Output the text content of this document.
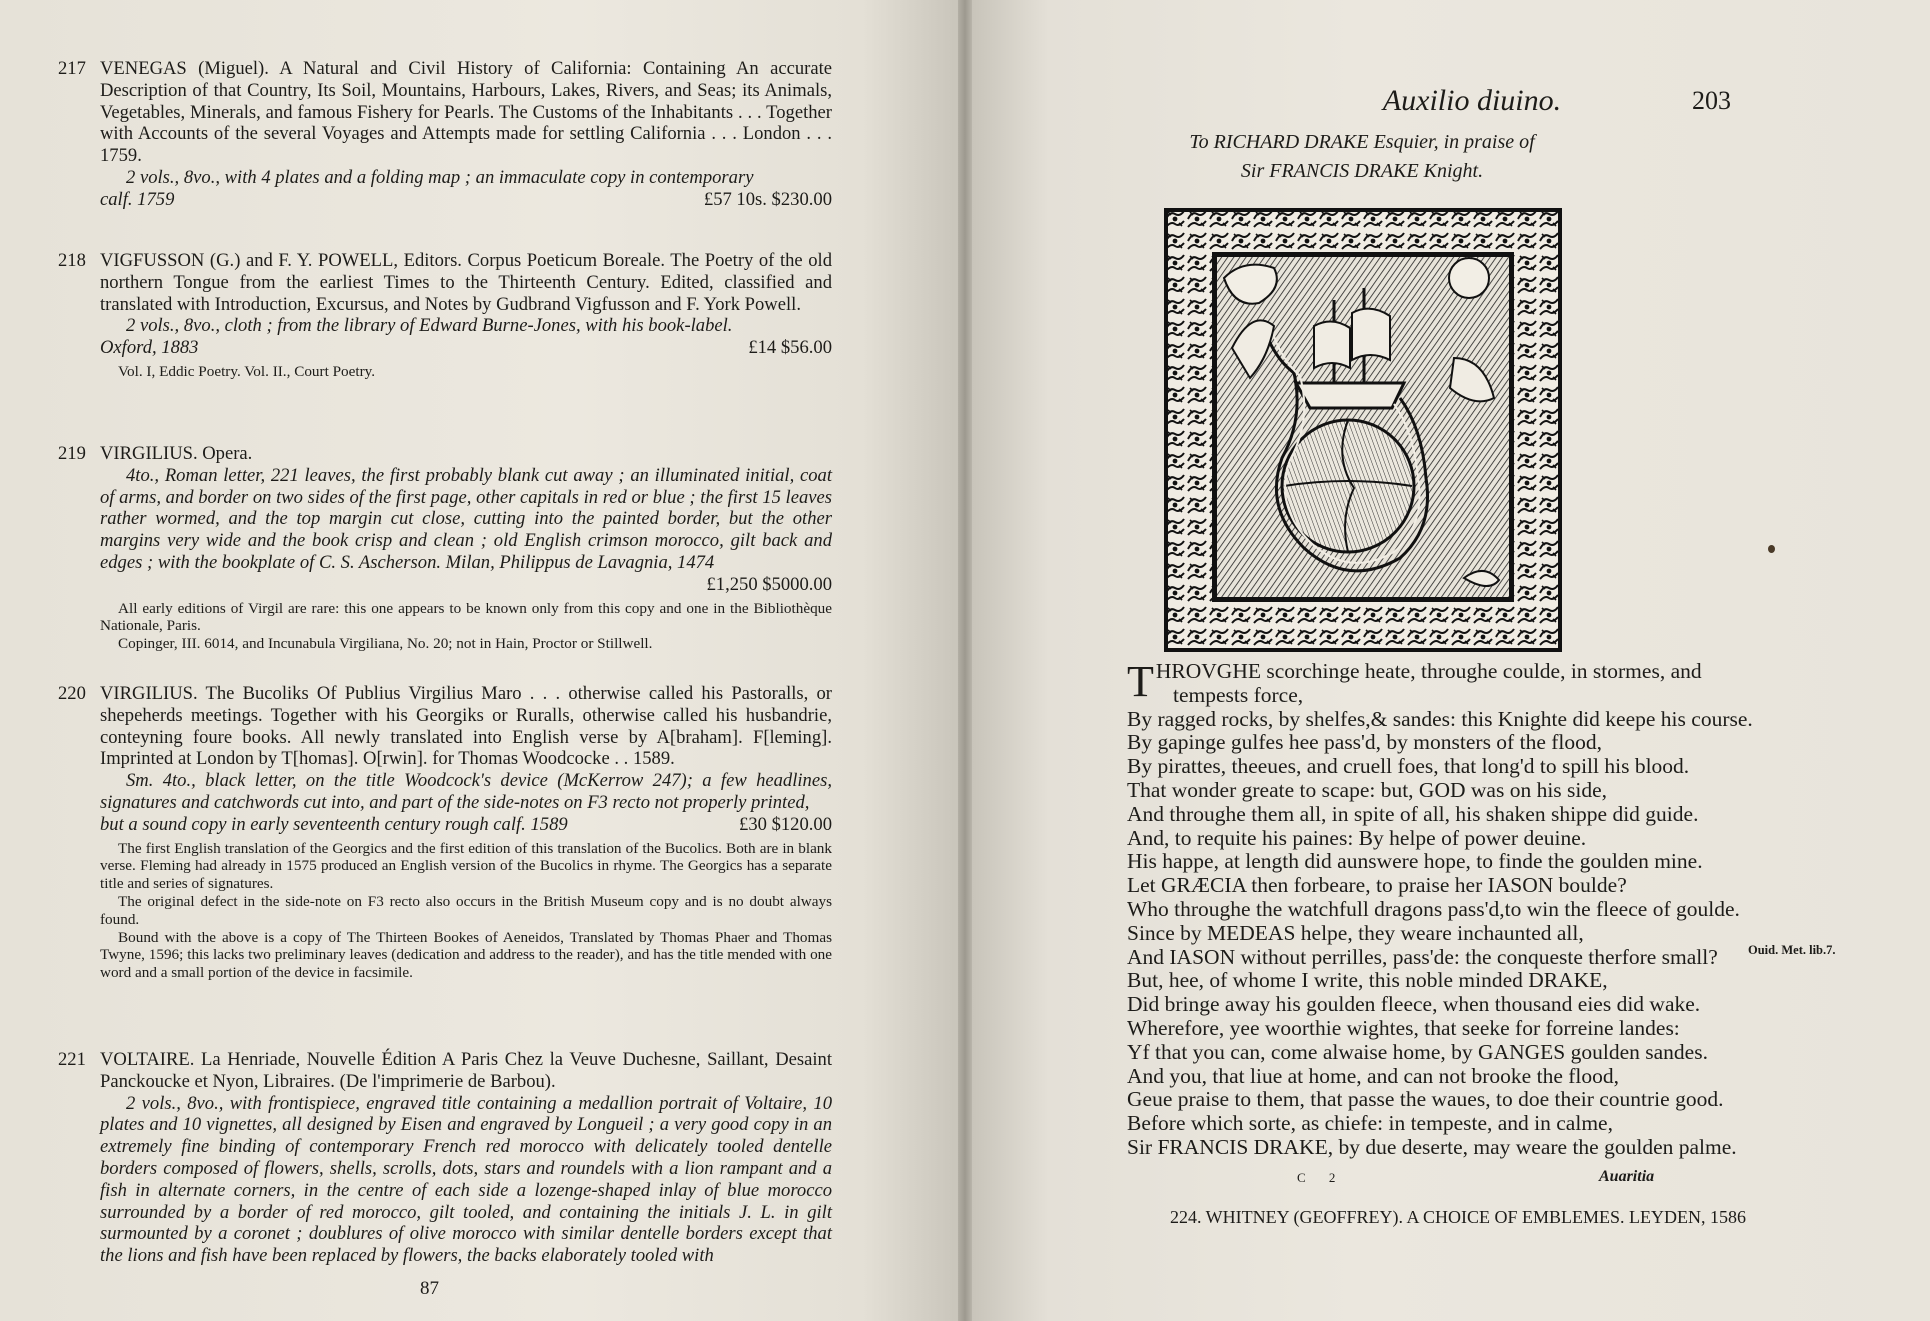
217 VENEGAS (Miguel). A Natural and Civil History of California: Containing An accurate Description of that Country, Its Soil, Mountains, Harbours, Lakes, Rivers, and Seas; its Animals, Vegetables, Minerals, and famous Fishery for Pearls. The Customs of the Inhabitants . . . Together with Accounts of the several Voyages and Attempts made for settling California . . . London . . . 1759.

2 vols., 8vo., with 4 plates and a folding map ; an immaculate copy in contemporary

calf. 1759	£57 10s. $230.00
218 VIGFUSSON (G.) and F. Y. POWELL, Editors. Corpus Poeticum Boreale. The Poetry of the old northern Tongue from the earliest Times to the Thirteenth Century. Edited, classified and translated with Introduction, Excursus, and Notes by Gudbrand Vigfusson and F. York Powell.

2 vols., 8vo., cloth ; from the library of Edward Burne-Jones, with his book-label.

Oxford, 1883	£14 $56.00

Vol. I, Eddic Poetry. Vol. II., Court Poetry.

219 VIRGILIUS. Opera.

4to., Roman letter, 221 leaves, the first probably blank cut away ; an illuminated initial, coat of arms, and border on two sides of the first page, other capitals in red or blue ; the first 15 leaves rather wormed, and the top margin cut close, cutting into the painted border, but the other margins very wide and the book crisp and clean ; old English crimson morocco, gilt back and edges ; with the bookplate of C. S. Ascherson. Milan, Philippus de Lavagnia, 1474

£1,250 $5000.00

All early editions of Virgil are rare: this one appears to be known only from this copy and one in the Bibliothèque Nationale, Paris.

Copinger, III. 6014, and Incunabula Virgiliana, No. 20; not in Hain, Proctor or Stillwell.

220 VIRGILIUS. The Bucoliks Of Publius Virgilius Maro . . . otherwise called his Pastoralls, or shepeherds meetings. Together with his Georgiks or Ruralls, otherwise called his husbandrie, conteyning foure books. All newly translated into English verse by A[braham]. F[leming]. Imprinted at London by T[homas]. O[rwin]. for Thomas Woodcocke . . 1589.

Sm. 4to., black letter, on the title Woodcock's device (McKerrow 247); a few headlines, signatures and catchwords cut into, and part of the side-notes on F3 recto not properly printed,

but a sound copy in early seventeenth century rough calf. 1589	£30 $120.00

The first English translation of the Georgics and the first edition of this translation of the Bucolics. Both are in blank verse. Fleming had already in 1575 produced an English version of the Bucolics in rhyme. The Georgics has a separate title and series of signatures.

The original defect in the side-note on F3 recto also occurs in the British Museum copy and is no doubt always found.

Bound with the above is a copy of The Thirteen Bookes of Aeneidos, Translated by Thomas Phaer and Thomas Twyne, 1596; this lacks two preliminary leaves (dedication and address to the reader), and has the title mended with one word and a small portion of the device in facsimile.

221 VOLTAIRE. La Henriade, Nouvelle Édition A Paris Chez la Veuve Duchesne, Saillant, Desaint Panckoucke et Nyon, Libraires. (De l'imprimerie de Barbou).

2 vols., 8vo., with frontispiece, engraved title containing a medallion portrait of Voltaire, 10 plates and 10 vignettes, all designed by Eisen and engraved by Longueil ; a very good copy in an extremely fine binding of contemporary French red morocco with delicately tooled dentelle borders composed of flowers, shells, scrolls, dots, stars and roundels with a lion rampant and a fish in alternate corners, in the centre of each side a lozenge-shaped inlay of blue morocco surrounded by a border of red morocco, gilt tooled, and containing the initials J. L. in gilt surmounted by a coronet ; doublures of olive morocco with similar dentelle borders except that the lions and fish have been replaced by flowers, the backs elaborately tooled with

87
Auxilio diuino.	203
To RICHARD DRAKE Esquier, in praise of
Sir FRANCIS DRAKE Knight.
T HROVGHE scorchinge heate, throughe coulde, in stormes, and
tempests force,
By ragged rocks, by shelfes,& sandes: this Knighte did keepe his course.
By gapinge gulfes hee pass'd, by monsters of the flood,
By pirattes, theeues, and cruell foes, that long'd to spill his blood.
That wonder greate to scape: but, GOD was on his side,
And throughe them all, in spite of all, his shaken shippe did guide.
And, to requite his paines: By helpe of power deuine.
His happe, at length did aunswere hope, to finde the goulden mine.
Let GRÆCIA then forbeare, to praise her IASON boulde?
Who throughe the watchfull dragons pass'd,to win the fleece of goulde.
Since by MEDEAS helpe, they weare inchaunted all,
And IASON without perrilles, pass'de: the conqueste therfore small?
But, hee, of whome I write, this noble minded DRAKE,
Did bringe away his goulden fleece, when thousand eies did wake.
Wherefore, yee woorthie wightes, that seeke for forreine landes:
Yf that you can, come alwaise home, by GANGES goulden sandes.
And you, that liue at home, and can not brooke the flood,
Geue praise to them, that passe the waues, to doe their countrie good.
Before which sorte, as chiefe: in tempeste, and in calme,
Sir FRANCIS DRAKE, by due deserte, may weare the goulden palme.
Ouid. Met. lib.7.
C 2	Auaritia
224. WHITNEY (GEOFFREY). A CHOICE OF EMBLEMES. LEYDEN, 1586
